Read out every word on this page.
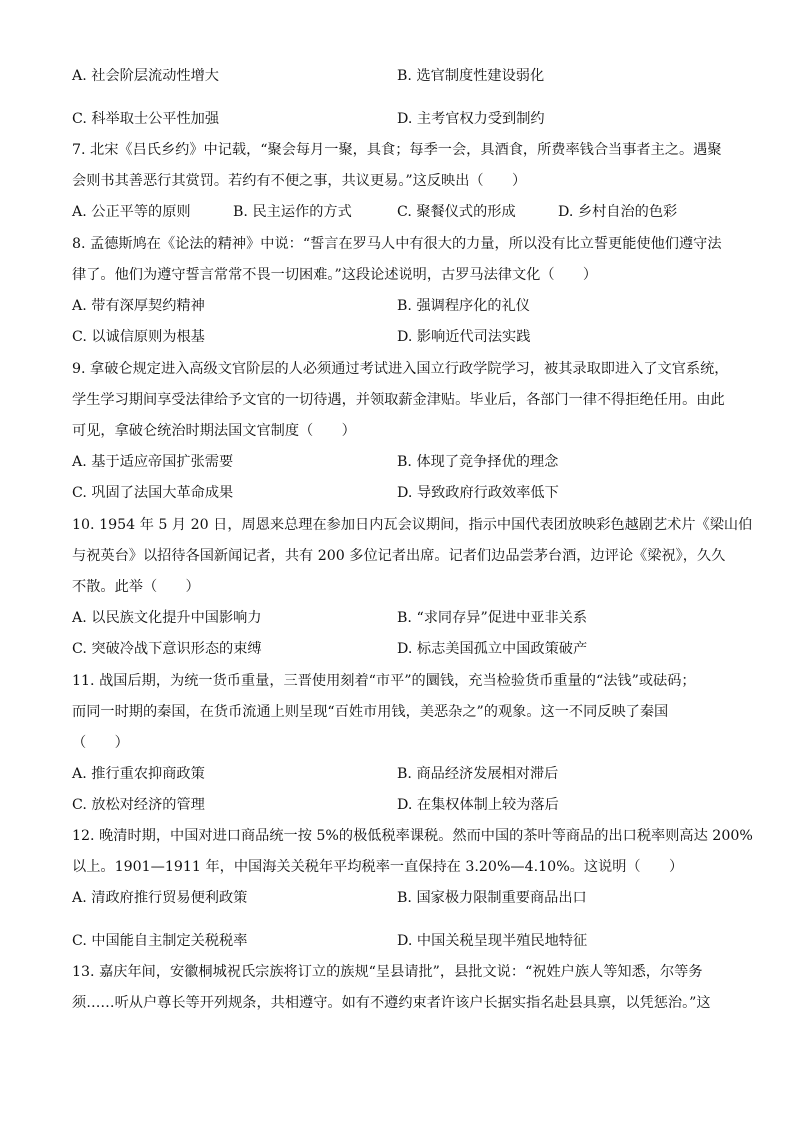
A. 社会阶层流动性增大	B. 选官制度性建设弱化
C. 科举取士公平性加强	D. 主考官权力受到制约
7. 北宋《吕氏乡约》中记载，“聚会每月一聚，具食；每季一会，具酒食，所费率钱合当事者主之。遇聚
会则书其善恶行其赏罚。若约有不便之事，共议更易。”这反映出（　　）
A. 公正平等的原则	B. 民主运作的方式	C. 聚餐仪式的形成	D. 乡村自治的色彩
8. 孟德斯鸠在《论法的精神》中说：“誓言在罗马人中有很大的力量，所以没有比立誓更能使他们遵守法
律了。他们为遵守誓言常常不畏一切困难。”这段论述说明，古罗马法律文化（　　）
A. 带有深厚契约精神	B. 强调程序化的礼仪
C. 以诚信原则为根基	D. 影响近代司法实践
9. 拿破仑规定进入高级文官阶层的人必须通过考试进入国立行政学院学习，被其录取即进入了文官系统，
学生学习期间享受法律给予文官的一切待遇，并领取薪金津贴。毕业后，各部门一律不得拒绝任用。由此
可见，拿破仑统治时期法国文官制度（　　）
A. 基于适应帝国扩张需要	B. 体现了竞争择优的理念
C. 巩固了法国大革命成果	D. 导致政府行政效率低下
10. 1954 年 5 月 20 日，周恩来总理在参加日内瓦会议期间，指示中国代表团放映彩色越剧艺术片《梁山伯
与祝英台》以招待各国新闻记者，共有 200 多位记者出席。记者们边品尝茅台酒，边评论《梁祝》，久久
不散。此举（　　）
A. 以民族文化提升中国影响力	B. “求同存异”促进中亚非关系
C. 突破冷战下意识形态的束缚	D. 标志美国孤立中国政策破产
11. 战国后期，为统一货币重量，三晋使用刻着“市平”的圜钱，充当检验货币重量的“法钱”或砝码；
而同一时期的秦国，在货币流通上则呈现“百姓市用钱，美恶杂之”的观象。这一不同反映了秦国
（　　）
A. 推行重农抑商政策	B. 商品经济发展相对滞后
C. 放松对经济的管理	D. 在集权体制上较为落后
12. 晚清时期，中国对进口商品统一按 5%的极低税率课税。然而中国的茶叶等商品的出口税率则高达 200%
以上。1901—1911 年，中国海关关税年平均税率一直保持在 3.20%—4.10%。这说明（　　）
A. 清政府推行贸易便利政策	B. 国家极力限制重要商品出口
C. 中国能自主制定关税税率	D. 中国关税呈现半殖民地特征
13. 嘉庆年间，安徽桐城祝氏宗族将订立的族规“呈县请批”，县批文说：“祝姓户族人等知悉，尔等务
须……听从户尊长等开列规条，共相遵守。如有不遵约束者许该户长据实指名赴县具禀，以凭惩治。”这
